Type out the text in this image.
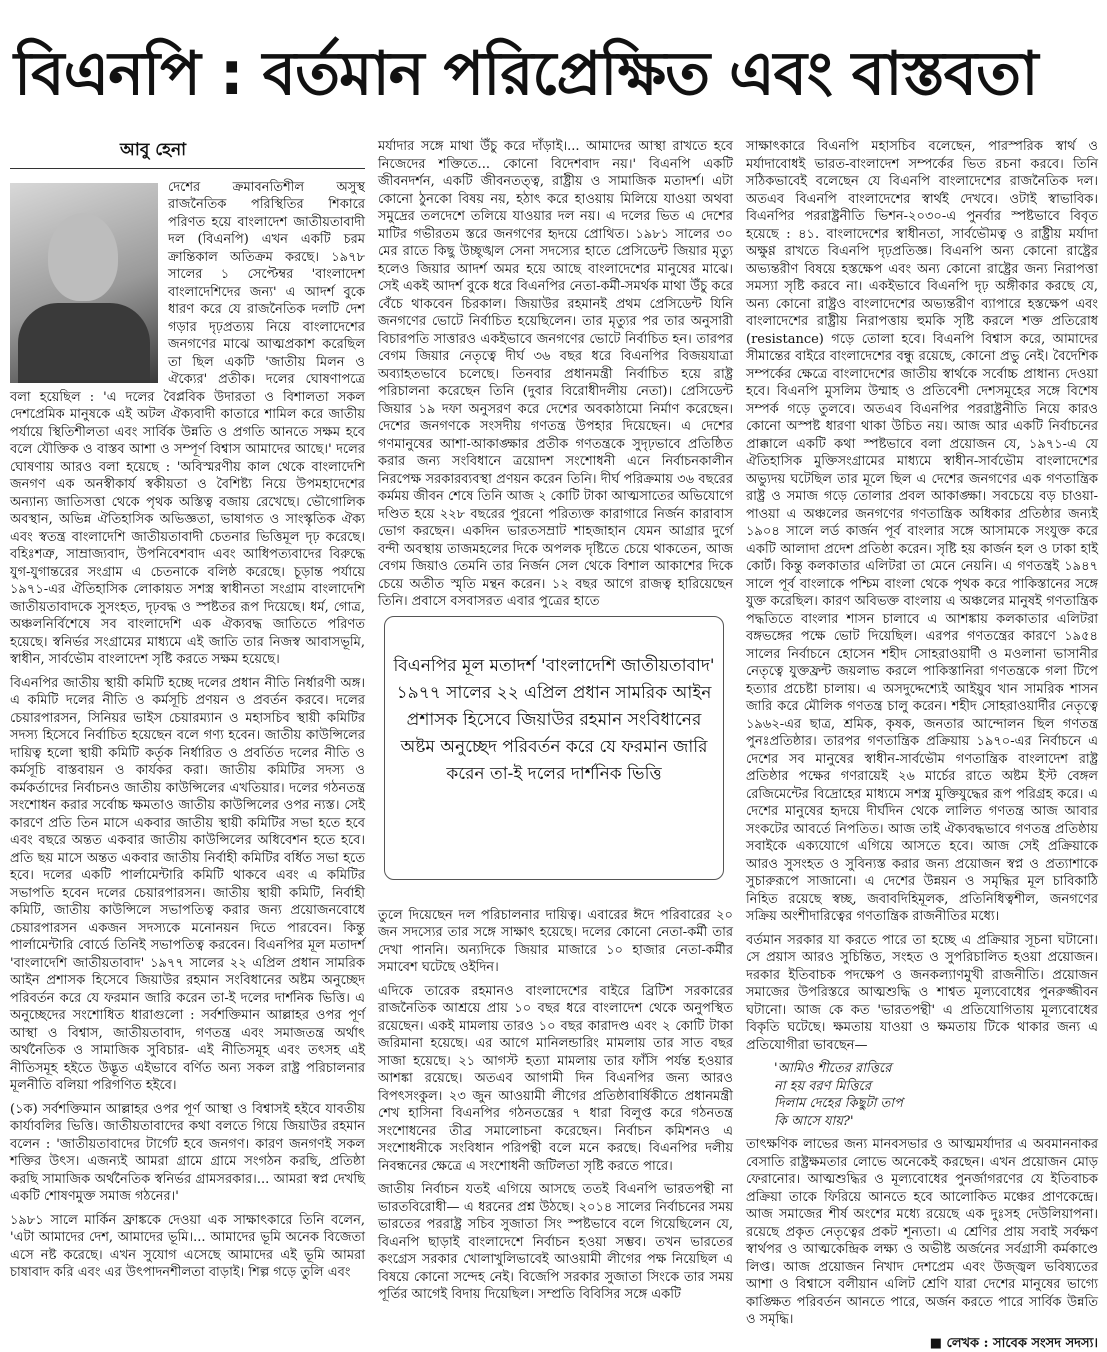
বিএনপি : বর্তমান পরিপ্রেক্ষিত এবং বাস্তবতা
আবু হেনা

দেশের ক্রমাবনতিশীল অসুস্থ রাজনৈতিক পরিস্থিতির শিকারে পরিণত হয়ে বাংলাদেশ জাতীয়তাবাদী দল (বিএনপি) এখন একটি চরম ক্রান্তিকাল অতিক্রম করছে। ১৯৭৮ সালের ১ সেপ্টেম্বর 'বাংলাদেশ বাংলাদেশিদের জন্য' এ আদর্শ বুকে ধারণ করে যে রাজনৈতিক দলটি দেশ গড়ার দৃঢ়প্রত্যয় নিয়ে বাংলাদেশের জনগণের মাঝে আত্মপ্রকাশ করেছিল তা ছিল একটি 'জাতীয় মিলন ও ঐক্যের' প্রতীক। দলের ঘোষণাপত্রে বলা হয়েছিল : 'এ দলের বৈপ্লবিক উদারতা ও বিশালতা সকল দেশপ্রেমিক মানুষকে এই অটল ঐক্যবাদী কাতারে শামিল করে জাতীয় পর্যায়ে স্থিতিশীলতা এবং সার্বিক উন্নতি ও প্রগতি আনতে সক্ষম হবে বলে যৌক্তিক ও বাস্তব আশা ও সম্পূর্ণ বিশ্বাস আমাদের আছে।' দলের ঘোষণায় আরও বলা হয়েছে : 'অবিস্মরণীয় কাল থেকে বাংলাদেশি জনগণ এক অনস্বীকার্য স্বকীয়তা ও বৈশিষ্ট্য নিয়ে উপমহাদেশের অন্যান্য জাতিসত্তা থেকে পৃথক অস্তিত্ব বজায় রেখেছে। ভৌগোলিক অবস্থান, অভিন্ন ঐতিহাসিক অভিজ্ঞতা, ভাষাগত ও সাংস্কৃতিক ঐক্য এবং স্বতন্ত্র বাংলাদেশি জাতীয়তাবাদী চেতনার ভিত্তিমূল দৃঢ় করেছে। বহিঃশত্রু, সাম্রাজ্যবাদ, উপনিবেশবাদ এবং আধিপত্যবাদের বিরুদ্ধে যুগ-যুগান্তরের সংগ্রাম এ চেতনাকে বলিষ্ঠ করেছে। চূড়ান্ত পর্যায়ে ১৯৭১-এর ঐতিহাসিক লোকায়ত সশস্ত্র স্বাধীনতা সংগ্রাম বাংলাদেশি জাতীয়তাবাদকে সুসংহত, দৃঢ়বদ্ধ ও স্পষ্টতর রূপ দিয়েছে। ধর্ম, গোত্র, অঞ্চলনির্বিশেষে সব বাংলাদেশি এক ঐক্যবদ্ধ জাতিতে পরিণত হয়েছে। স্বনির্ভর সংগ্রামের মাধ্যমে এই জাতি তার নিজস্ব আবাসভূমি, স্বাধীন, সার্বভৌম বাংলাদেশ সৃষ্টি করতে সক্ষম হয়েছে।

বিএনপির জাতীয় স্থায়ী কমিটি হচ্ছে দলের প্রধান নীতি নির্ধারণী অঙ্গ। এ কমিটি দলের নীতি ও কর্মসূচি প্রণয়ন ও প্রবর্তন করবে। দলের চেয়ারপারসন, সিনিয়র ভাইস চেয়ারম্যান ও মহাসচিব স্থায়ী কমিটির সদস্য হিসেবে নির্বাচিত হয়েছেন বলে গণ্য হবেন। জাতীয় কাউন্সিলের দায়িত্ব হলো স্থায়ী কমিটি কর্তৃক নির্ধারিত ও প্রবর্তিত দলের নীতি ও কর্মসূচি বাস্তবায়ন ও কার্যকর করা। জাতীয় কমিটির সদস্য ও কর্মকর্তাদের নির্বাচনও জাতীয় কাউন্সিলের এখতিয়ার। দলের গঠনতন্ত্র সংশোধন করার সর্বোচ্চ ক্ষমতাও জাতীয় কাউন্সিলের ওপর ন্যস্ত। সেই কারণে প্রতি তিন মাসে একবার জাতীয় স্থায়ী কমিটির সভা হতে হবে এবং বছরে অন্তত একবার জাতীয় কাউন্সিলের অধিবেশন হতে হবে। প্রতি ছয় মাসে অন্তত একবার জাতীয় নির্বাহী কমিটির বর্ধিত সভা হতে হবে। দলের একটি পার্লামেন্টারি কমিটি থাকবে এবং এ কমিটির সভাপতি হবেন দলের চেয়ারপারসন। জাতীয় স্থায়ী কমিটি, নির্বাহী কমিটি, জাতীয় কাউন্সিলে সভাপতিত্ব করার জন্য প্রয়োজনবোধে চেয়ারপারসন একজন সদস্যকে মনোনয়ন দিতে পারবেন। কিন্তু পার্লামেন্টারি বোর্ডে তিনিই সভাপতিত্ব করবেন। বিএনপির মূল মতাদর্শ 'বাংলাদেশি জাতীয়তাবাদ' ১৯৭৭ সালের ২২ এপ্রিল প্রধান সামরিক আইন প্রশাসক হিসেবে জিয়াউর রহমান সংবিধানের অষ্টম অনুচ্ছেদ পরিবর্তন করে যে ফরমান জারি করেন তা-ই দলের দার্শনিক ভিত্তি। এ অনুচ্ছেদের সংশোধিত ধারাগুলো : সর্বশক্তিমান আল্লাহর ওপর পূর্ণ আস্থা ও বিশ্বাস, জাতীয়তাবাদ, গণতন্ত্র এবং সমাজতন্ত্র অর্থাৎ অর্থনৈতিক ও সামাজিক সুবিচার- এই নীতিসমূহ এবং তৎসহ এই নীতিসমূহ হইতে উদ্ভূত এইভাবে বর্ণিত অন্য সকল রাষ্ট্র পরিচালনার মূলনীতি বলিয়া পরিগণিত হইবে।

(১ক) সর্বশক্তিমান আল্লাহর ওপর পূর্ণ আস্থা ও বিশ্বাসই হইবে যাবতীয় কার্যাবলির ভিত্তি। জাতীয়তাবাদের কথা বলতে গিয়ে জিয়াউর রহমান বলেন : 'জাতীয়তাবাদের টার্গেট হবে জনগণ। কারণ জনগণই সকল শক্তির উৎস। এজন্যই আমরা গ্রামে গ্রামে সংগঠন করছি, প্রতিষ্ঠা করছি সামাজিক অর্থনৈতিক স্বনির্ভর গ্রামসরকার।... আমরা স্বপ্ন দেখছি একটি শোষণমুক্ত সমাজ গঠনের।'

১৯৮১ সালে মার্কিন ফ্রাঙ্ককে দেওয়া এক সাক্ষাৎকারে তিনি বলেন, 'এটা আমাদের দেশ, আমাদের ভূমি।... আমাদের ভূমি অনেক বিজেতা এসে নষ্ট করেছে। এখন সুযোগ এসেছে আমাদের এই ভূমি আমরা চাষাবাদ করি এবং এর উৎপাদনশীলতা বাড়াই। শিল্প গড়ে তুলি এবং

মর্যাদার সঙ্গে মাথা উঁচু করে দাঁড়াই।... আমাদের আস্থা রাখতে হবে নিজেদের শক্তিতে... কোনো বিদেশবাদ নয়।' বিএনপি একটি জীবনদর্শন, একটি জীবনতত্ত্ব, রাষ্ট্রীয় ও সামাজিক মতাদর্শ। এটা কোনো ঠুনকো বিষয় নয়, হঠাৎ করে হাওয়ায় মিলিয়ে যাওয়া অথবা সমুদ্রের তলদেশে তলিয়ে যাওয়ার দল নয়। এ দলের ভিত এ দেশের মাটির গভীরতম স্তরে জনগণের হৃদয়ে প্রোথিত। ১৯৮১ সালের ৩০ মের রাতে কিছু উচ্ছৃঙ্খল সেনা সদস্যের হাতে প্রেসিডেন্ট জিয়ার মৃত্যু হলেও জিয়ার আদর্শ অমর হয়ে আছে বাংলাদেশের মানুষের মাঝে। সেই একই আদর্শ বুকে ধরে বিএনপির নেতা-কর্মী-সমর্থক মাথা উঁচু করে বেঁচে থাকবেন চিরকাল। জিয়াউর রহমানই প্রথম প্রেসিডেন্ট যিনি জনগণের ভোটে নির্বাচিত হয়েছিলেন। তার মৃত্যুর পর তার অনুসারী বিচারপতি সাত্তারও একইভাবে জনগণের ভোটে নির্বাচিত হন। তারপর বেগম জিয়ার নেতৃত্বে দীর্ঘ ৩৬ বছর ধরে বিএনপির বিজয়যাত্রা অব্যাহতভাবে চলেছে। তিনবার প্রধানমন্ত্রী নির্বাচিত হয়ে রাষ্ট্র পরিচালনা করেছেন তিনি (দুবার বিরোধীদলীয় নেতা)। প্রেসিডেন্ট জিয়ার ১৯ দফা অনুসরণ করে দেশের অবকাঠামো নির্মাণ করেছেন। দেশের জনগণকে সংসদীয় গণতন্ত্র উপহার দিয়েছেন। এ দেশের গণমানুষের আশা-আকাঙ্ক্ষার প্রতীক গণতন্ত্রকে সুদৃঢ়ভাবে প্রতিষ্ঠিত করার জন্য সংবিধানে ত্রয়োদশ সংশোধনী এনে নির্বাচনকালীন নিরপেক্ষ সরকারব্যবস্থা প্রণয়ন করেন তিনি। দীর্ঘ পরিক্রমায় ৩৬ বছরের কর্মময় জীবন শেষে তিনি আজ ২ কোটি টাকা আত্মসাতের অভিযোগে দণ্ডিত হয়ে ২২৮ বছরের পুরনো পরিত্যক্ত কারাগারে নির্জন কারাবাস ভোগ করছেন। একদিন ভারতসম্রাট শাহজাহান যেমন আগ্রার দুর্গে বন্দী অবস্থায় তাজমহলের দিকে অপলক দৃষ্টিতে চেয়ে থাকতেন, আজ বেগম জিয়াও তেমনি তার নির্জন সেল থেকে বিশাল আকাশের দিকে চেয়ে অতীত স্মৃতি মন্থন করেন। ১২ বছর আগে রাজত্ব হারিয়েছেন তিনি। প্রবাসে বসবাসরত এবার পুত্রের হাতে

তুলে দিয়েছেন দল পরিচালনার দায়িত্ব। এবারের ঈদে পরিবারের ২০ জন সদস্যের তার সঙ্গে সাক্ষাৎ হয়েছে। দলের কোনো নেতা-কর্মী তার দেখা পাননি। অন্যদিকে জিয়ার মাজারে ১০ হাজার নেতা-কর্মীর সমাবেশ ঘটেছে ওইদিন।

এদিকে তারেক রহমানও বাংলাদেশের বাইরে ব্রিটিশ সরকারের রাজনৈতিক আশ্রয়ে প্রায় ১০ বছর ধরে বাংলাদেশ থেকে অনুপস্থিত রয়েছেন। একই মামলায় তারও ১০ বছর কারাদণ্ড এবং ২ কোটি টাকা জরিমানা হয়েছে। এর আগে মানিলন্ডারিং মামলায় তার সাত বছর সাজা হয়েছে। ২১ আগস্ট হত্যা মামলায় তার ফাঁসি পর্যন্ত হওয়ার আশঙ্কা রয়েছে। অতএব আগামী দিন বিএনপির জন্য আরও বিপৎসংকুল। ২৩ জুন আওয়ামী লীগের প্রতিষ্ঠাবার্ষিকীতে প্রধানমন্ত্রী শেখ হাসিনা বিএনপির গঠনতন্ত্রের ৭ ধারা বিলুপ্ত করে গঠনতন্ত্র সংশোধনের তীব্র সমালোচনা করেছেন। নির্বাচন কমিশনও এ সংশোধনীকে সংবিধান পরিপন্থী বলে মনে করছে। বিএনপির দলীয় নিবন্ধনের ক্ষেত্রে এ সংশোধনী জটিলতা সৃষ্টি করতে পারে।

জাতীয় নির্বাচন যতই এগিয়ে আসছে ততই বিএনপি ভারতপন্থী না ভারতবিরোধী— এ ধরনের প্রশ্ন উঠছে। ২০১৪ সালের নির্বাচনের সময় ভারতের পররাষ্ট্র সচিব সুজাতা সিং স্পষ্টভাবে বলে গিয়েছিলেন যে, বিএনপি ছাড়াই বাংলাদেশে নির্বাচন হওয়া সম্ভব। তখন ভারতের কংগ্রেস সরকার খোলাখুলিভাবেই আওয়ামী লীগের পক্ষ নিয়েছিল এ বিষয়ে কোনো সন্দেহ নেই। বিজেপি সরকার সুজাতা সিংকে তার সময় পূর্তির আগেই বিদায় দিয়েছিল। সম্প্রতি বিবিসির সঙ্গে একটি

বিএনপির মূল মতাদর্শ 'বাংলাদেশি জাতীয়তাবাদ' ১৯৭৭ সালের ২২ এপ্রিল প্রধান সামরিক আইন প্রশাসক হিসেবে জিয়াউর রহমান সংবিধানের অষ্টম অনুচ্ছেদ পরিবর্তন করে যে ফরমান জারি করেন তা-ই দলের দার্শনিক ভিত্তি

সাক্ষাৎকারে বিএনপি মহাসচিব বলেছেন, পারস্পরিক স্বার্থ ও মর্যাদাবোধই ভারত-বাংলাদেশ সম্পর্কের ভিত রচনা করবে। তিনি সঠিকভাবেই বলেছেন যে বিএনপি বাংলাদেশের রাজনৈতিক দল। অতএব বিএনপি বাংলাদেশের স্বার্থই দেখবে। ওটাই স্বাভাবিক। বিএনপির পররাষ্ট্রনীতি ভিশন-২০৩০-এ পুনর্বার স্পষ্টভাবে বিবৃত হয়েছে : ৪১. বাংলাদেশের স্বাধীনতা, সার্বভৌমত্ব ও রাষ্ট্রীয় মর্যাদা অক্ষুণ্ণ রাখতে বিএনপি দৃঢ়প্রতিজ্ঞ। বিএনপি অন্য কোনো রাষ্ট্রের অভ্যন্তরীণ বিষয়ে হস্তক্ষেপ এবং অন্য কোনো রাষ্ট্রের জন্য নিরাপত্তা সমস্যা সৃষ্টি করবে না। একইভাবে বিএনপি দৃঢ় অঙ্গীকার করছে যে, অন্য কোনো রাষ্ট্রও বাংলাদেশের অভ্যন্তরীণ ব্যাপারে হস্তক্ষেপ এবং বাংলাদেশের রাষ্ট্রীয় নিরাপত্তায় হুমকি সৃষ্টি করলে শক্ত প্রতিরোধ (resistance) গড়ে তোলা হবে। বিএনপি বিশ্বাস করে, আমাদের সীমান্তের বাইরে বাংলাদেশের বন্ধু রয়েছে, কোনো প্রভু নেই। বৈদেশিক সম্পর্কের ক্ষেত্রে বাংলাদেশের জাতীয় স্বার্থকে সর্বোচ্চ প্রাধান্য দেওয়া হবে। বিএনপি মুসলিম উম্মাহ ও প্রতিবেশী দেশসমূহের সঙ্গে বিশেষ সম্পর্ক গড়ে তুলবে। অতএব বিএনপির পররাষ্ট্রনীতি নিয়ে কারও কোনো অস্পষ্ট ধারণা থাকা উচিত নয়। আজ আর একটি নির্বাচনের প্রাক্কালে একটি কথা স্পষ্টভাবে বলা প্রয়োজন যে, ১৯৭১-এ যে ঐতিহাসিক মুক্তিসংগ্রামের মাধ্যমে স্বাধীন-সার্বভৌম বাংলাদেশের অভ্যুদয় ঘটেছিল তার মূলে ছিল এ দেশের জনগণের এক গণতান্ত্রিক রাষ্ট্র ও সমাজ গড়ে তোলার প্রবল আকাঙ্ক্ষা। সবচেয়ে বড় চাওয়া-পাওয়া এ অঞ্চলের জনগণের গণতান্ত্রিক অধিকার প্রতিষ্ঠার জন্যই ১৯০৪ সালে লর্ড কার্জন পূর্ব বাংলার সঙ্গে আসামকে সংযুক্ত করে একটি আলাদা প্রদেশ প্রতিষ্ঠা করেন। সৃষ্টি হয় কার্জন হল ও ঢাকা হাই কোর্ট। কিন্তু কলকাতার এলিটরা তা মেনে নেয়নি। এ গণতন্ত্রই ১৯৪৭ সালে পূর্ব বাংলাকে পশ্চিম বাংলা থেকে পৃথক করে পাকিস্তানের সঙ্গে যুক্ত করেছিল। কারণ অবিভক্ত বাংলায় এ অঞ্চলের মানুষই গণতান্ত্রিক পদ্ধতিতে বাংলার শাসন চালাবে এ আশঙ্কায় কলকাতার এলিটরা বঙ্গভঙ্গের পক্ষে ভোট দিয়েছিল। এরপর গণতন্ত্রের কারণে ১৯৫৪ সালের নির্বাচনে হোসেন শহীদ সোহরাওয়ার্দী ও মওলানা ভাসানীর নেতৃত্বে যুক্তফ্রন্ট জয়লাভ করলে পাকিস্তানিরা গণতন্ত্রকে গলা টিপে হত্যার প্রচেষ্টা চালায়। এ অসদুদ্দেশ্যেই আইয়ুব খান সামরিক শাসন জারি করে মৌলিক গণতন্ত্র চালু করেন। শহীদ সোহরাওয়ার্দীর নেতৃত্বে ১৯৬২-এর ছাত্র, শ্রমিক, কৃষক, জনতার আন্দোলন ছিল গণতন্ত্র পুনঃপ্রতিষ্ঠার। তারপর গণতান্ত্রিক প্রক্রিয়ায় ১৯৭০-এর নির্বাচনে এ দেশের সব মানুষের স্বাধীন-সার্বভৌম গণতান্ত্রিক বাংলাদেশ রাষ্ট্র প্রতিষ্ঠার পক্ষের গণরায়েই ২৬ মার্চের রাতে অষ্টম ইস্ট বেঙ্গল রেজিমেন্টের বিদ্রোহের মাধ্যমে সশস্ত্র মুক্তিযুদ্ধের রূপ পরিগ্রহ করে। এ দেশের মানুষের হৃদয়ে দীর্ঘদিন থেকে লালিত গণতন্ত্র আজ আবার সংকটের আবর্তে নিপতিত। আজ তাই ঐক্যবদ্ধভাবে গণতন্ত্র প্রতিষ্ঠায় সবাইকে এক্যযোগে এগিয়ে আসতে হবে। আজ সেই প্রক্রিয়াকে আরও সুসংহত ও সুবিন্যস্ত করার জন্য প্রয়োজন স্বপ্ন ও প্রত্যাশাকে সুচারুরূপে সাজানো। এ দেশের উন্নয়ন ও সমৃদ্ধির মূল চাবিকাঠি নিহিত রয়েছে স্বচ্ছ, জবাবদিহিমূলক, প্রতিনিধিত্বশীল, জনগণের সক্রিয় অংশীদারিত্বের গণতান্ত্রিক রাজনীতির মধ্যে।

বর্তমান সরকার যা করতে পারে তা হচ্ছে এ প্রক্রিয়ার সূচনা ঘটানো। সে প্রয়াস আরও সুচিন্তিত, সংহত ও সুপরিচালিত হওয়া প্রয়োজন। দরকার ইতিবাচক পদক্ষেপ ও জনকল্যাণমুখী রাজনীতি। প্রয়োজন সমাজের উপরিস্তরে আত্মশুদ্ধি ও শাশ্বত মূল্যবোধের পুনরুজ্জীবন ঘটানো। আজ কে কত 'ভারতপন্থী' এ প্রতিযোগিতায় মূল্যবোধের বিকৃতি ঘটেছে। ক্ষমতায় যাওয়া ও ক্ষমতায় টিকে থাকার জন্য এ প্রতিযোগীরা ভাবছেন—

'আমিও শীতের রাত্তিরে
না হয় বরণ মিত্তিরে
দিলাম দেহের কিছুটা তাপ
কি আসে যায়?'

তাৎক্ষণিক লাভের জন্য মানবসভার ও আত্মমর্যাদার এ অবমাননাকর বেসাতি রাষ্ট্রক্ষমতার লোভে অনেকেই করছেন। এখন প্রয়োজন মোড় ফেরানোর। আত্মশুদ্ধির ও মূল্যবোধের পুনর্জাগরণের যে ইতিবাচক প্রক্রিয়া তাকে ফিরিয়ে আনতে হবে আলোকিত মঞ্চের প্রাণকেন্দ্রে। আজ সমাজের শীর্ষ অংশের মধ্যে রয়েছে এক দুঃসহ দেউলিয়াপনা। রয়েছে প্রকৃত নেতৃত্বের প্রকট শূন্যতা। এ শ্রেণির প্রায় সবাই সর্বক্ষণ স্বার্থপর ও আত্মকেন্দ্রিক লক্ষ্য ও অভীষ্ট অর্জনের সর্বগ্রাসী কর্মকাণ্ডে লিপ্ত। আজ প্রয়োজন নিখাদ দেশপ্রেম এবং উজ্জ্বল ভবিষ্যতের আশা ও বিশ্বাসে বলীয়ান এলিট শ্রেণি যারা দেশের মানুষের ভাগ্যে কাঙ্ক্ষিত পরিবর্তন আনতে পারে, অর্জন করতে পারে সার্বিক উন্নতি ও সমৃদ্ধি।

■ লেখক : সাবেক সংসদ সদস্য।
